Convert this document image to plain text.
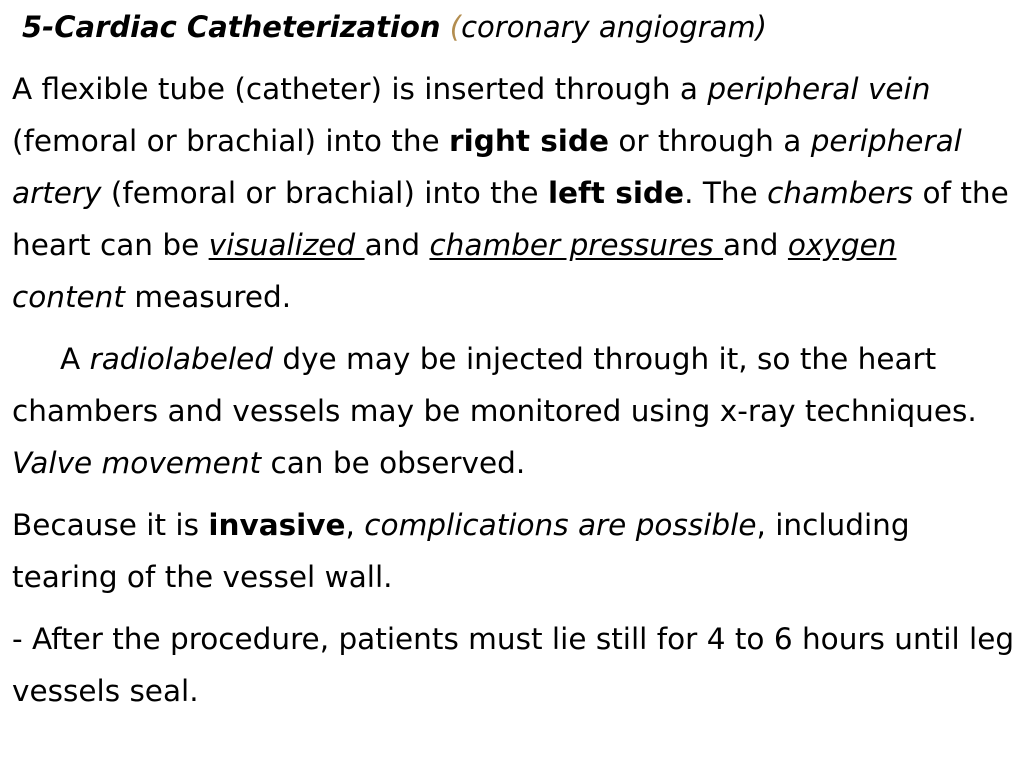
5-Cardiac Catheterization (coronary angiogram)

A flexible tube (catheter) is inserted through a peripheral vein (femoral or brachial) into the right side or through a peripheral artery (femoral or brachial) into the left side. The chambers of the heart can be visualized and chamber pressures and oxygen content measured.

A radiolabeled dye may be injected through it, so the heart chambers and vessels may be monitored using x-ray techniques. Valve movement can be observed.

Because it is invasive, complications are possible, including tearing of the vessel wall.

- After the procedure, patients must lie still for 4 to 6 hours until leg vessels seal.
